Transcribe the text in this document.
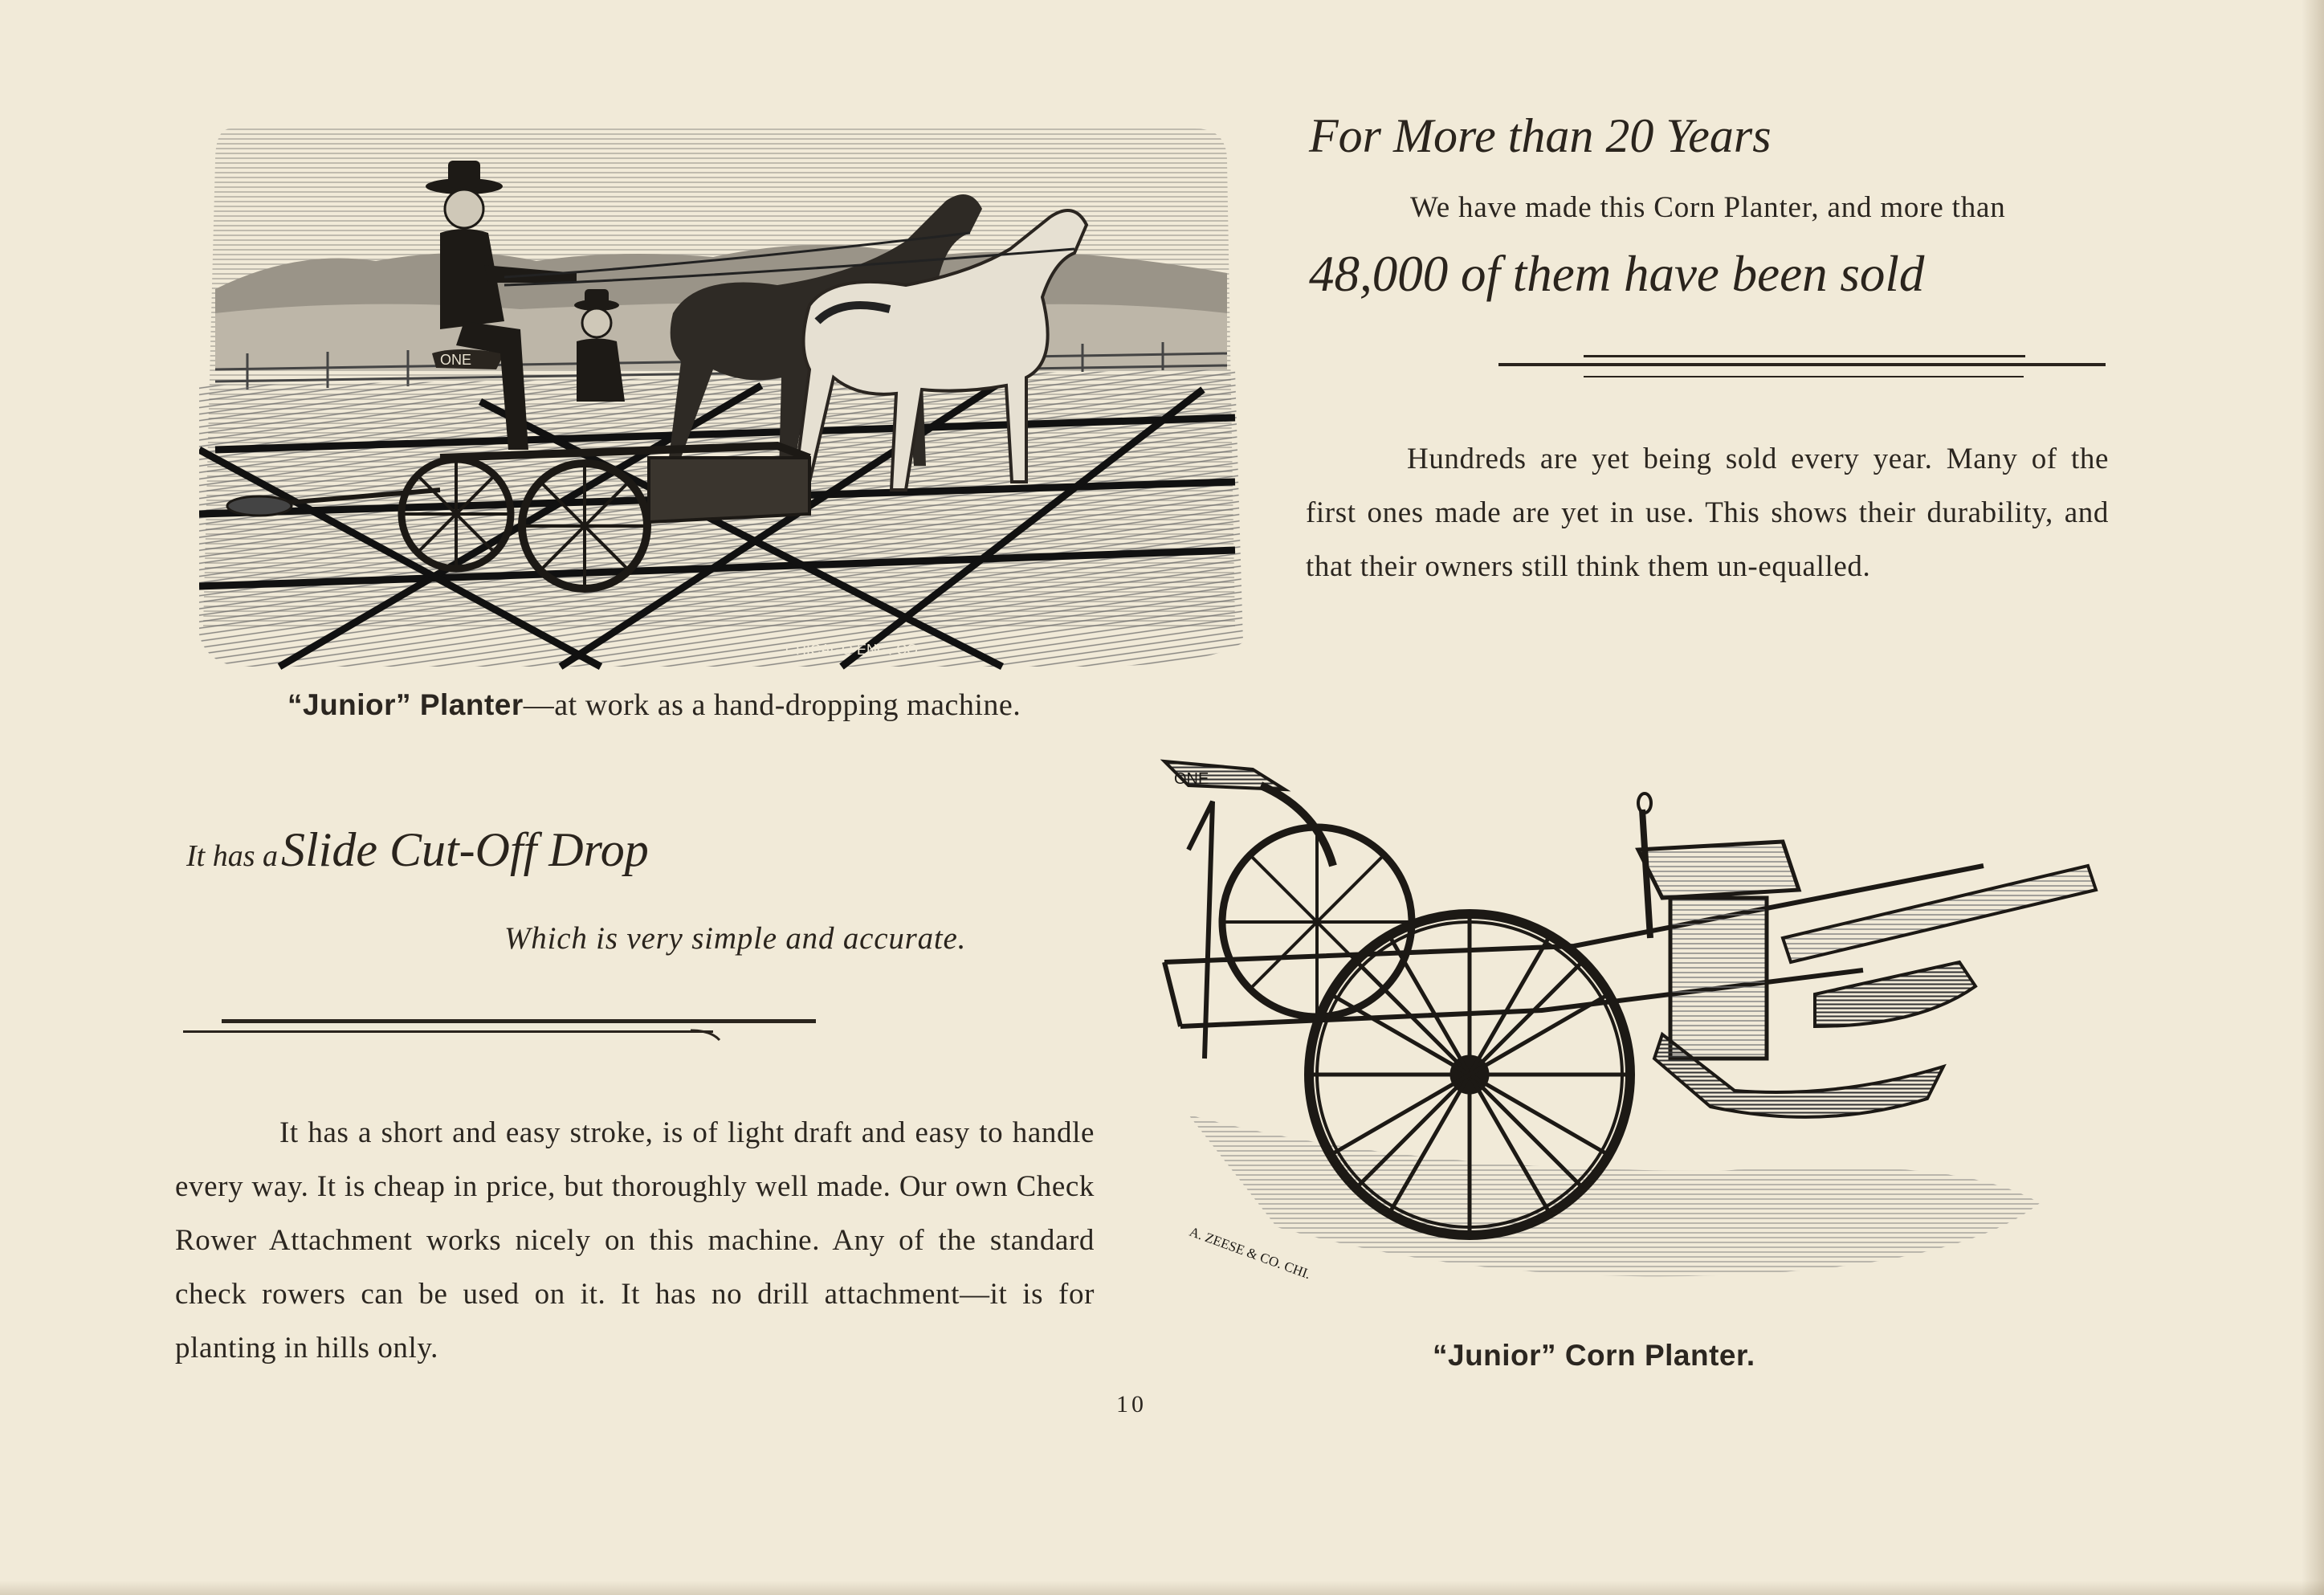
ONE
CHICAGO ENG. CO.
“Junior” Planter—at work as a hand-dropping machine.
For More than 20 Years
We have made this Corn Planter, and more than
48,000 of them have been sold
Hundreds are yet being sold every year. Many of the first ones made are yet in use. This shows their durability, and that their owners still think them un-equalled.
It has a Slide Cut-Off Drop
Which is very simple and accurate.
It has a short and easy stroke, is of light draft and easy to handle every way. It is cheap in price, but thoroughly well made. Our own Check Rower Attachment works nicely on this machine. Any of the standard check rowers can be used on it. It has no drill attachment—it is for planting in hills only.
ONE
A. ZEESE & CO. CHI.
“Junior” Corn Planter.
10
